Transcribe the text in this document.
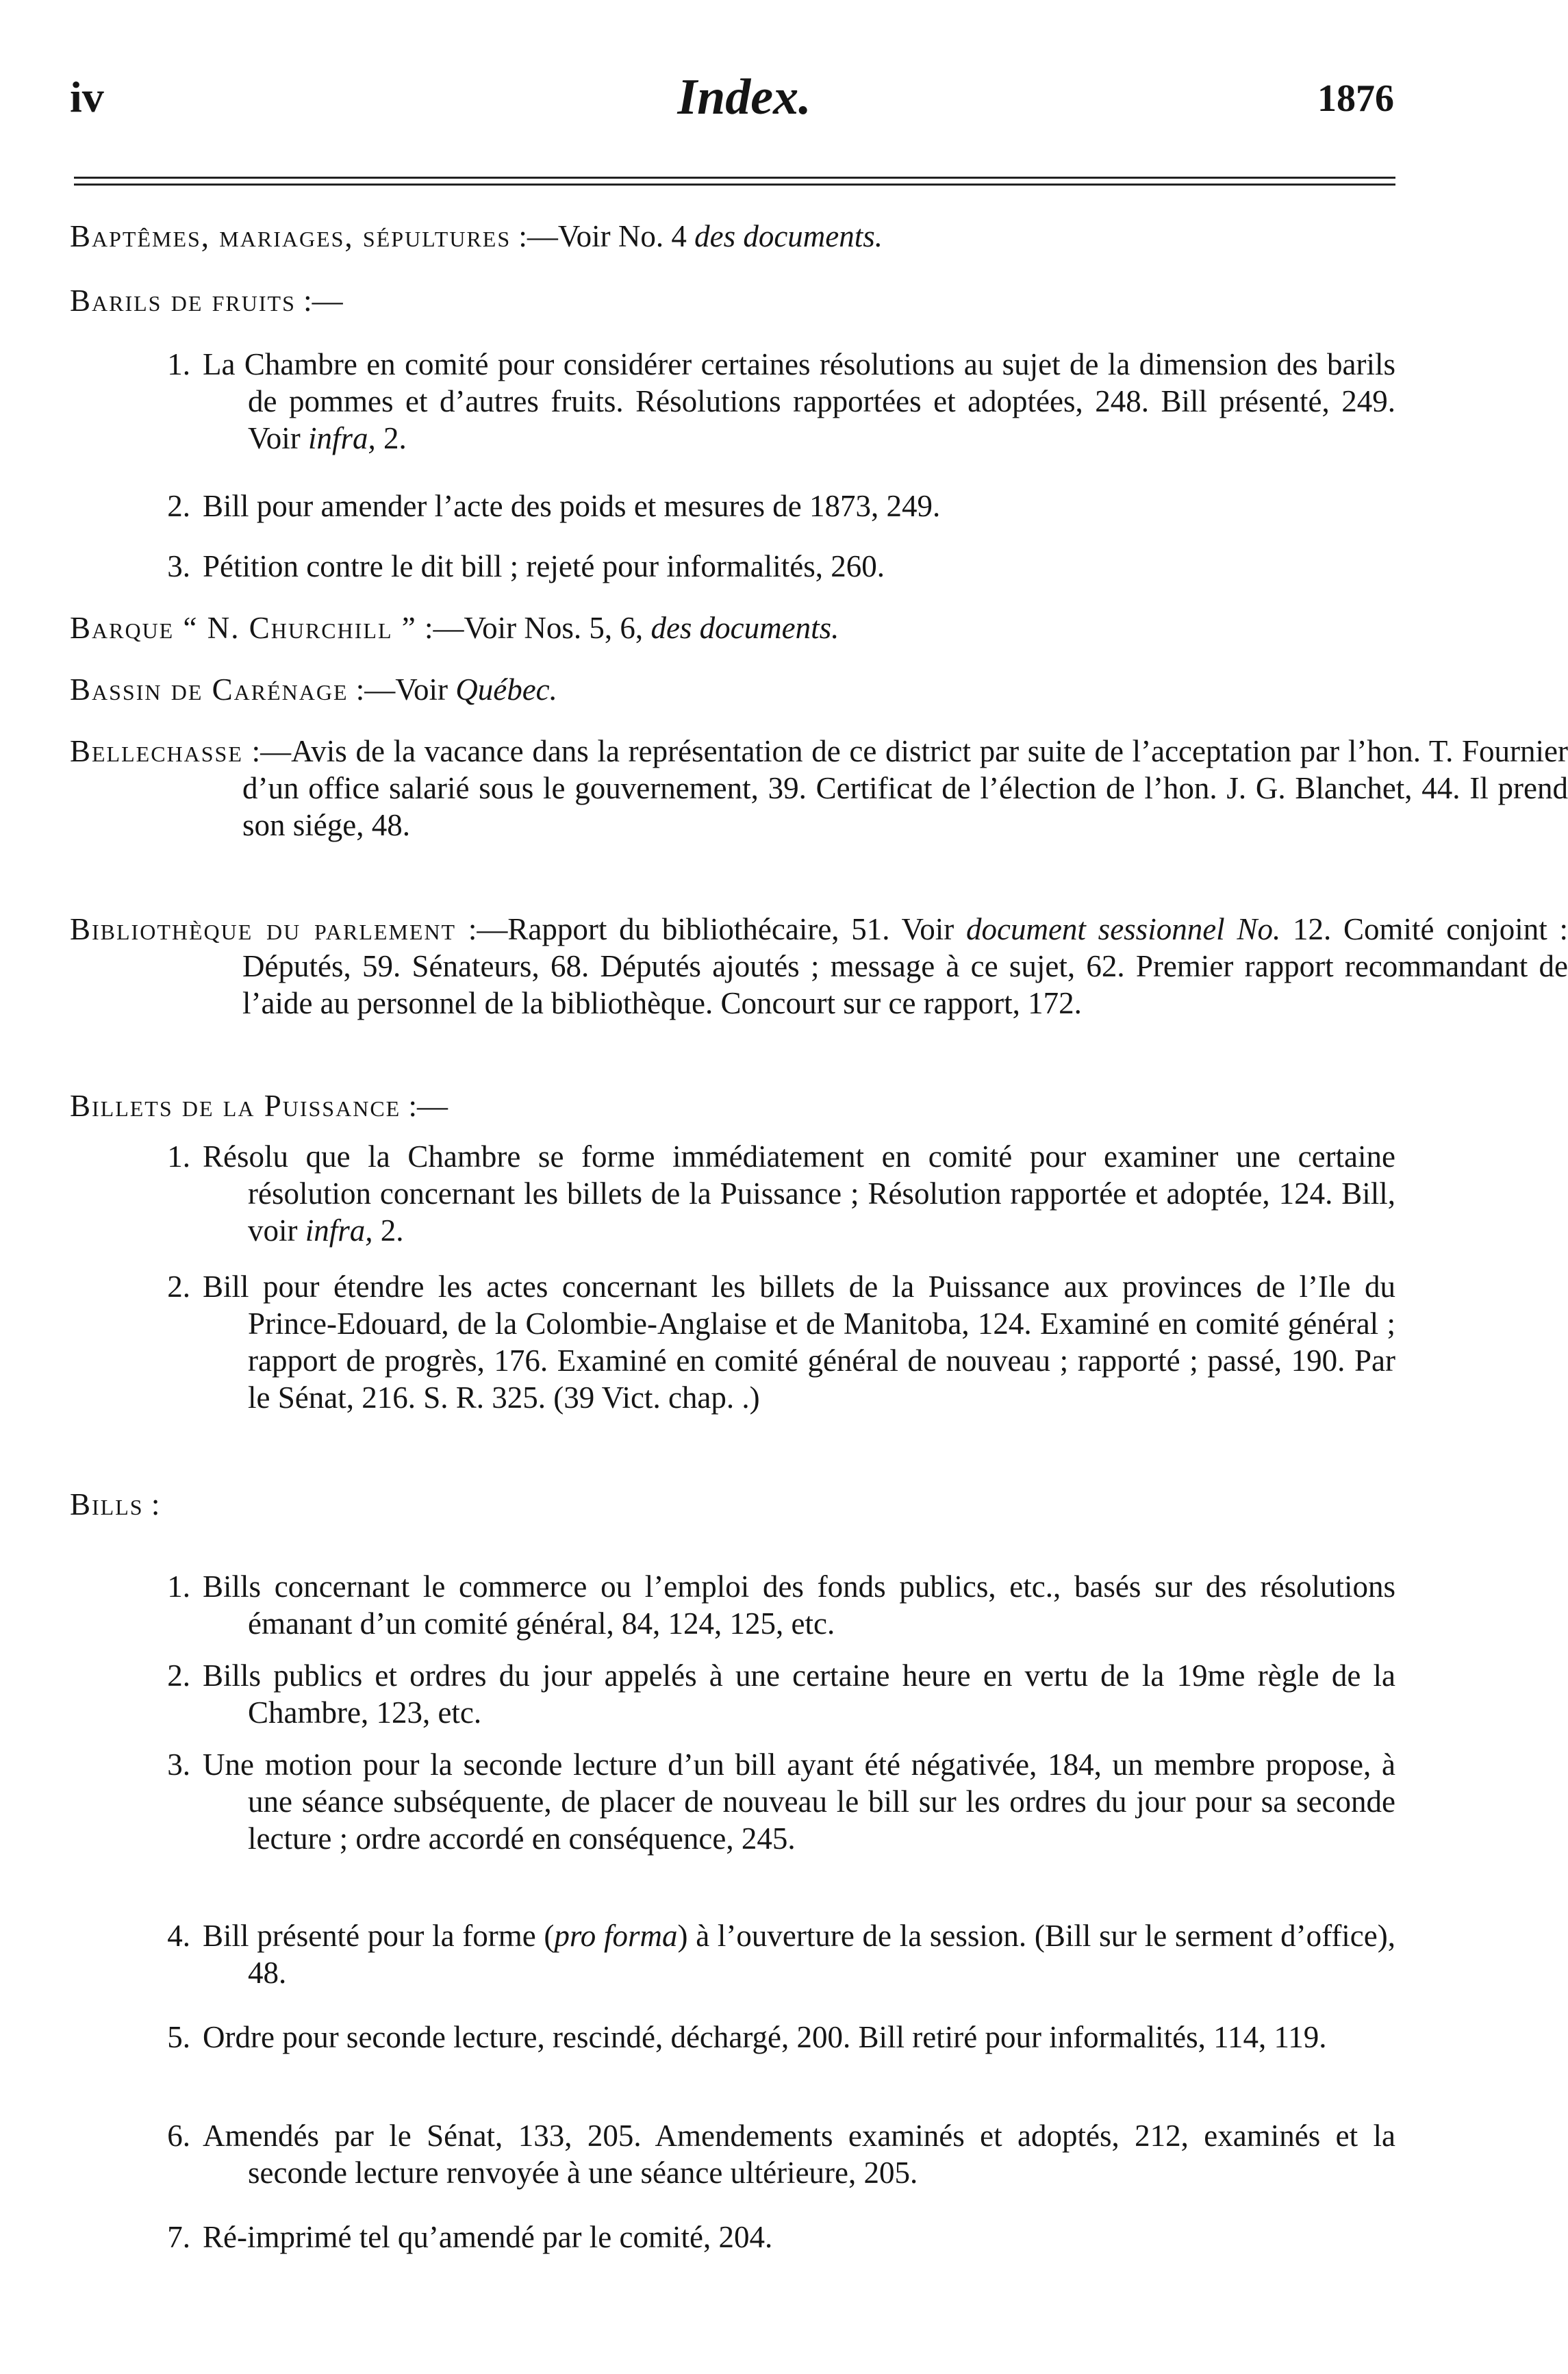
iv	Index.	1876
Baptêmes, mariages, sépultures :—Voir No. 4 des documents.
Barils de fruits :—
1. La Chambre en comité pour considérer certaines résolutions au sujet de la dimension des barils de pommes et d’autres fruits. Résolutions rapportées et adoptées, 248. Bill présenté, 249. Voir infra, 2.
2. Bill pour amender l’acte des poids et mesures de 1873, 249.
3. Pétition contre le dit bill ; rejeté pour informalités, 260.
Barque “ N. Churchill ” :—Voir Nos. 5, 6, des documents.
Bassin de Carénage :—Voir Québec.
Bellechasse :—Avis de la vacance dans la représentation de ce district par suite de l’acceptation par l’hon. T. Fournier d’un office salarié sous le gouvernement, 39. Certificat de l’élection de l’hon. J. G. Blanchet, 44. Il prend son siége, 48.
Bibliothèque du parlement :—Rapport du bibliothécaire, 51. Voir document sessionnel No. 12. Comité conjoint : Députés, 59. Sénateurs, 68. Députés ajoutés ; message à ce sujet, 62. Premier rapport recommandant de l’aide au personnel de la bibliothèque. Concourt sur ce rapport, 172.
Billets de la Puissance :—
1. Résolu que la Chambre se forme immédiatement en comité pour examiner une certaine résolution concernant les billets de la Puissance ; Résolution rapportée et adoptée, 124. Bill, voir infra, 2.
2. Bill pour étendre les actes concernant les billets de la Puissance aux provinces de l’Ile du Prince-Edouard, de la Colombie-Anglaise et de Manitoba, 124. Examiné en comité général ; rapport de progrès, 176. Examiné en comité général de nouveau ; rapporté ; passé, 190. Par le Sénat, 216. S. R. 325. (39 Vict. chap. .)
Bills :
1. Bills concernant le commerce ou l’emploi des fonds publics, etc., basés sur des résolutions émanant d’un comité général, 84, 124, 125, etc.
2. Bills publics et ordres du jour appelés à une certaine heure en vertu de la 19me règle de la Chambre, 123, etc.
3. Une motion pour la seconde lecture d’un bill ayant été négativée, 184, un membre propose, à une séance subséquente, de placer de nouveau le bill sur les ordres du jour pour sa seconde lecture ; ordre accordé en conséquence, 245.
4. Bill présenté pour la forme (pro forma) à l’ouverture de la session. (Bill sur le serment d’office), 48.
5. Ordre pour seconde lecture, rescindé, déchargé, 200. Bill retiré pour informalités, 114, 119.
6. Amendés par le Sénat, 133, 205. Amendements examinés et adoptés, 212, examinés et la seconde lecture renvoyée à une séance ultérieure, 205.
7. Ré-imprimé tel qu’amendé par le comité, 204.
